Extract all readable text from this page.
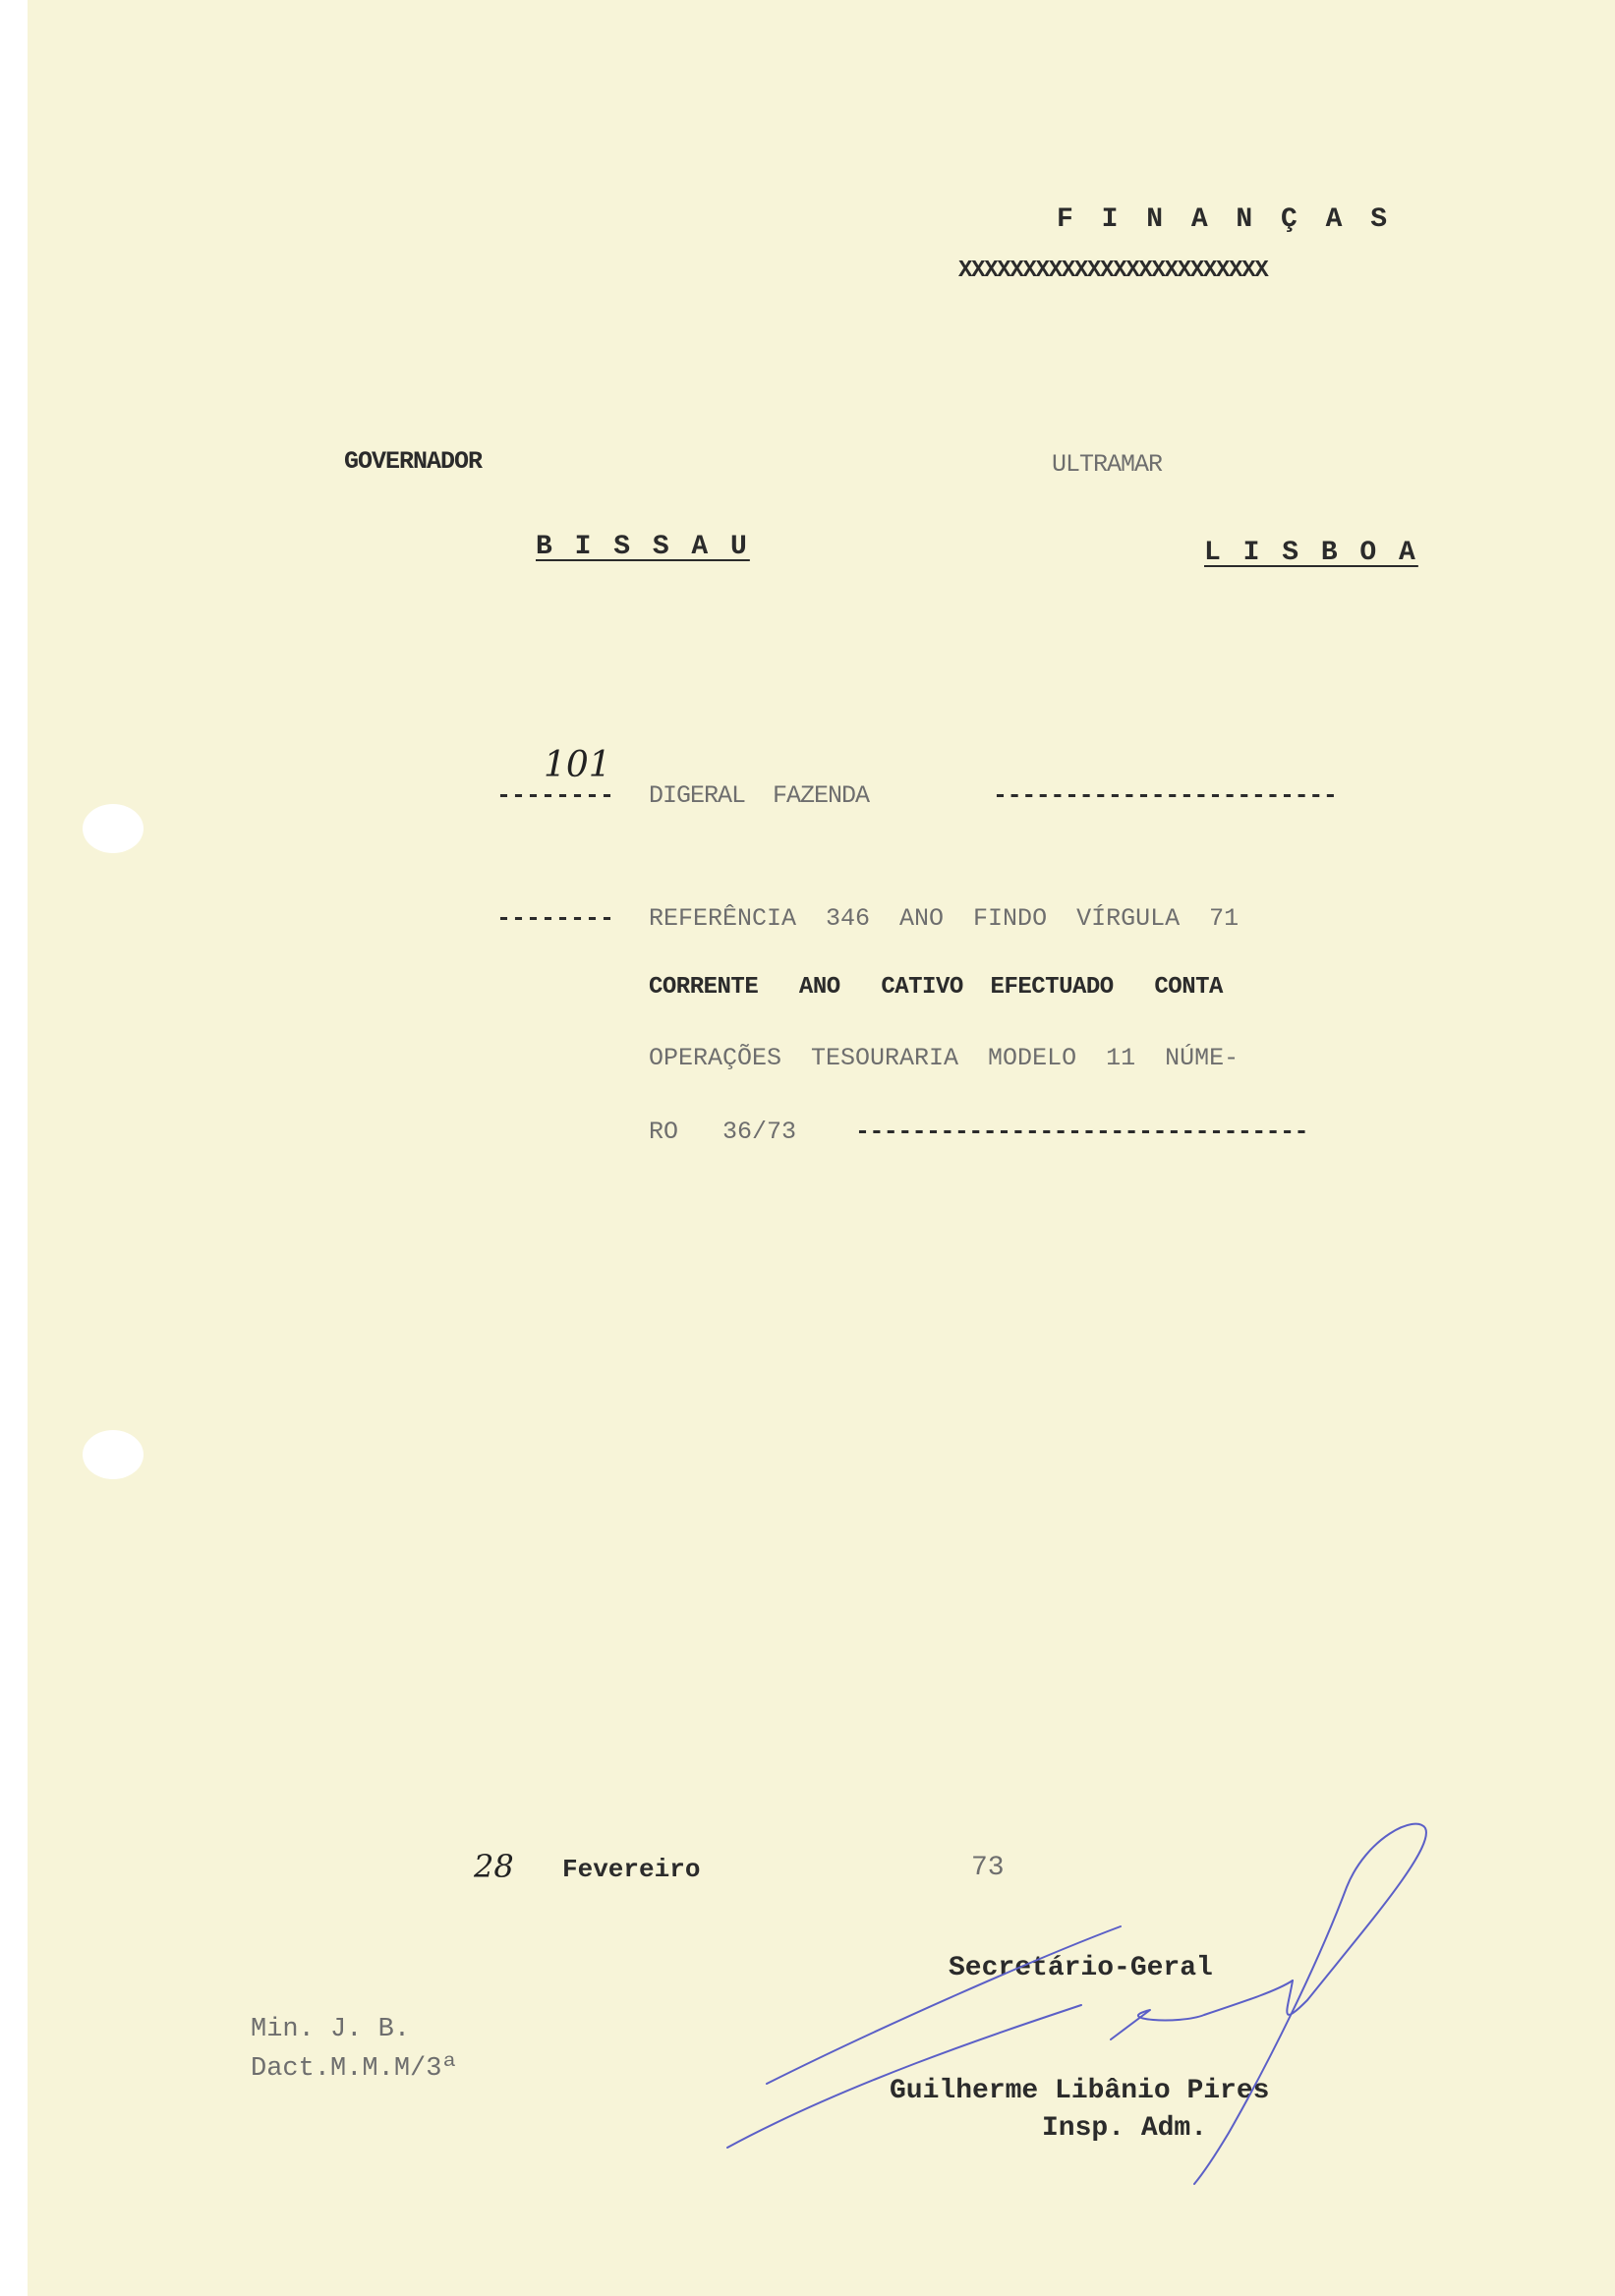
F I N A N Ç A S
XXXXXXXXXXXXXXXXXXXXXXXX
GOVERNADOR	ULTRAMAR
B I S S A U	L I S B O A
101
-------- DIGERAL  FAZENDA	------------------------
-------- REFERÊNCIA  346  ANO  FINDO  VÍRGULA  71
CORRENTE   ANO   CATIVO  EFECTUADO   CONTA
OPERAÇÕES  TESOURARIA  MODELO  11  NÚME-
RO   36/73 --------------------------------
28 Fevereiro	73
Min. J. B.
Dact.M.M.M/3ª
Secretário-Geral
Guilherme Libânio Pires
Insp. Adm.
